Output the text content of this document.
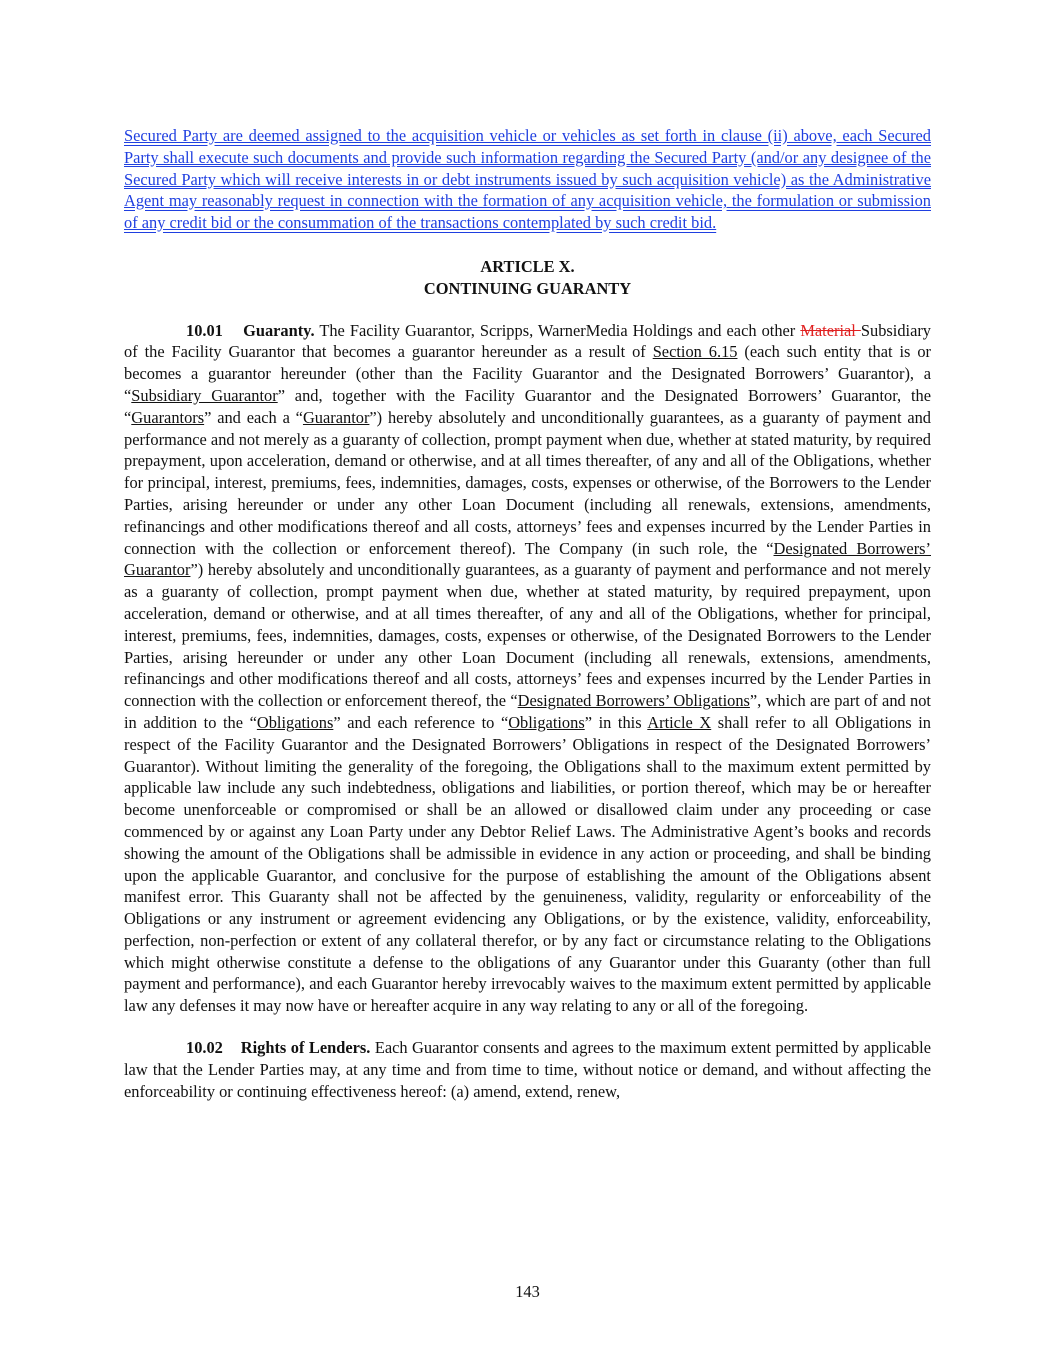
Secured Party are deemed assigned to the acquisition vehicle or vehicles as set forth in clause (ii) above, each Secured Party shall execute such documents and provide such information regarding the Secured Party (and/or any designee of the Secured Party which will receive interests in or debt instruments issued by such acquisition vehicle) as the Administrative Agent may reasonably request in connection with the formation of any acquisition vehicle, the formulation or submission of any credit bid or the consummation of the transactions contemplated by such credit bid.

ARTICLE X.

CONTINUING GUARANTY

10.01 Guaranty. The Facility Guarantor, Scripps, WarnerMedia Holdings and each other Material Subsidiary of the Facility Guarantor that becomes a guarantor hereunder as a result of Section 6.15 (each such entity that is or becomes a guarantor hereunder (other than the Facility Guarantor and the Designated Borrowers’ Guarantor), a “Subsidiary Guarantor” and, together with the Facility Guarantor and the Designated Borrowers’ Guarantor, the “Guarantors” and each a “Guarantor”) hereby absolutely and unconditionally guarantees, as a guaranty of payment and performance and not merely as a guaranty of collection, prompt payment when due, whether at stated maturity, by required prepayment, upon acceleration, demand or otherwise, and at all times thereafter, of any and all of the Obligations, whether for principal, interest, premiums, fees, indemnities, damages, costs, expenses or otherwise, of the Borrowers to the Lender Parties, arising hereunder or under any other Loan Document (including all renewals, extensions, amendments, refinancings and other modifications thereof and all costs, attorneys’ fees and expenses incurred by the Lender Parties in connection with the collection or enforcement thereof). The Company (in such role, the “Designated Borrowers’ Guarantor”) hereby absolutely and unconditionally guarantees, as a guaranty of payment and performance and not merely as a guaranty of collection, prompt payment when due, whether at stated maturity, by required prepayment, upon acceleration, demand or otherwise, and at all times thereafter, of any and all of the Obligations, whether for principal, interest, premiums, fees, indemnities, damages, costs, expenses or otherwise, of the Designated Borrowers to the Lender Parties, arising hereunder or under any other Loan Document (including all renewals, extensions, amendments, refinancings and other modifications thereof and all costs, attorneys’ fees and expenses incurred by the Lender Parties in connection with the collection or enforcement thereof, the “Designated Borrowers’ Obligations”, which are part of and not in addition to the “Obligations” and each reference to “Obligations” in this Article X shall refer to all Obligations in respect of the Facility Guarantor and the Designated Borrowers’ Obligations in respect of the Designated Borrowers’ Guarantor). Without limiting the generality of the foregoing, the Obligations shall to the maximum extent permitted by applicable law include any such indebtedness, obligations and liabilities, or portion thereof, which may be or hereafter become unenforceable or compromised or shall be an allowed or disallowed claim under any proceeding or case commenced by or against any Loan Party under any Debtor Relief Laws. The Administrative Agent’s books and records showing the amount of the Obligations shall be admissible in evidence in any action or proceeding, and shall be binding upon the applicable Guarantor, and conclusive for the purpose of establishing the amount of the Obligations absent manifest error. This Guaranty shall not be affected by the genuineness, validity, regularity or enforceability of the Obligations or any instrument or agreement evidencing any Obligations, or by the existence, validity, enforceability, perfection, non-perfection or extent of any collateral therefor, or by any fact or circumstance relating to the Obligations which might otherwise constitute a defense to the obligations of any Guarantor under this Guaranty (other than full payment and performance), and each Guarantor hereby irrevocably waives to the maximum extent permitted by applicable law any defenses it may now have or hereafter acquire in any way relating to any or all of the foregoing.

10.02 Rights of Lenders. Each Guarantor consents and agrees to the maximum extent permitted by applicable law that the Lender Parties may, at any time and from time to time, without notice or demand, and without affecting the enforceability or continuing effectiveness hereof: (a) amend, extend, renew,

143
